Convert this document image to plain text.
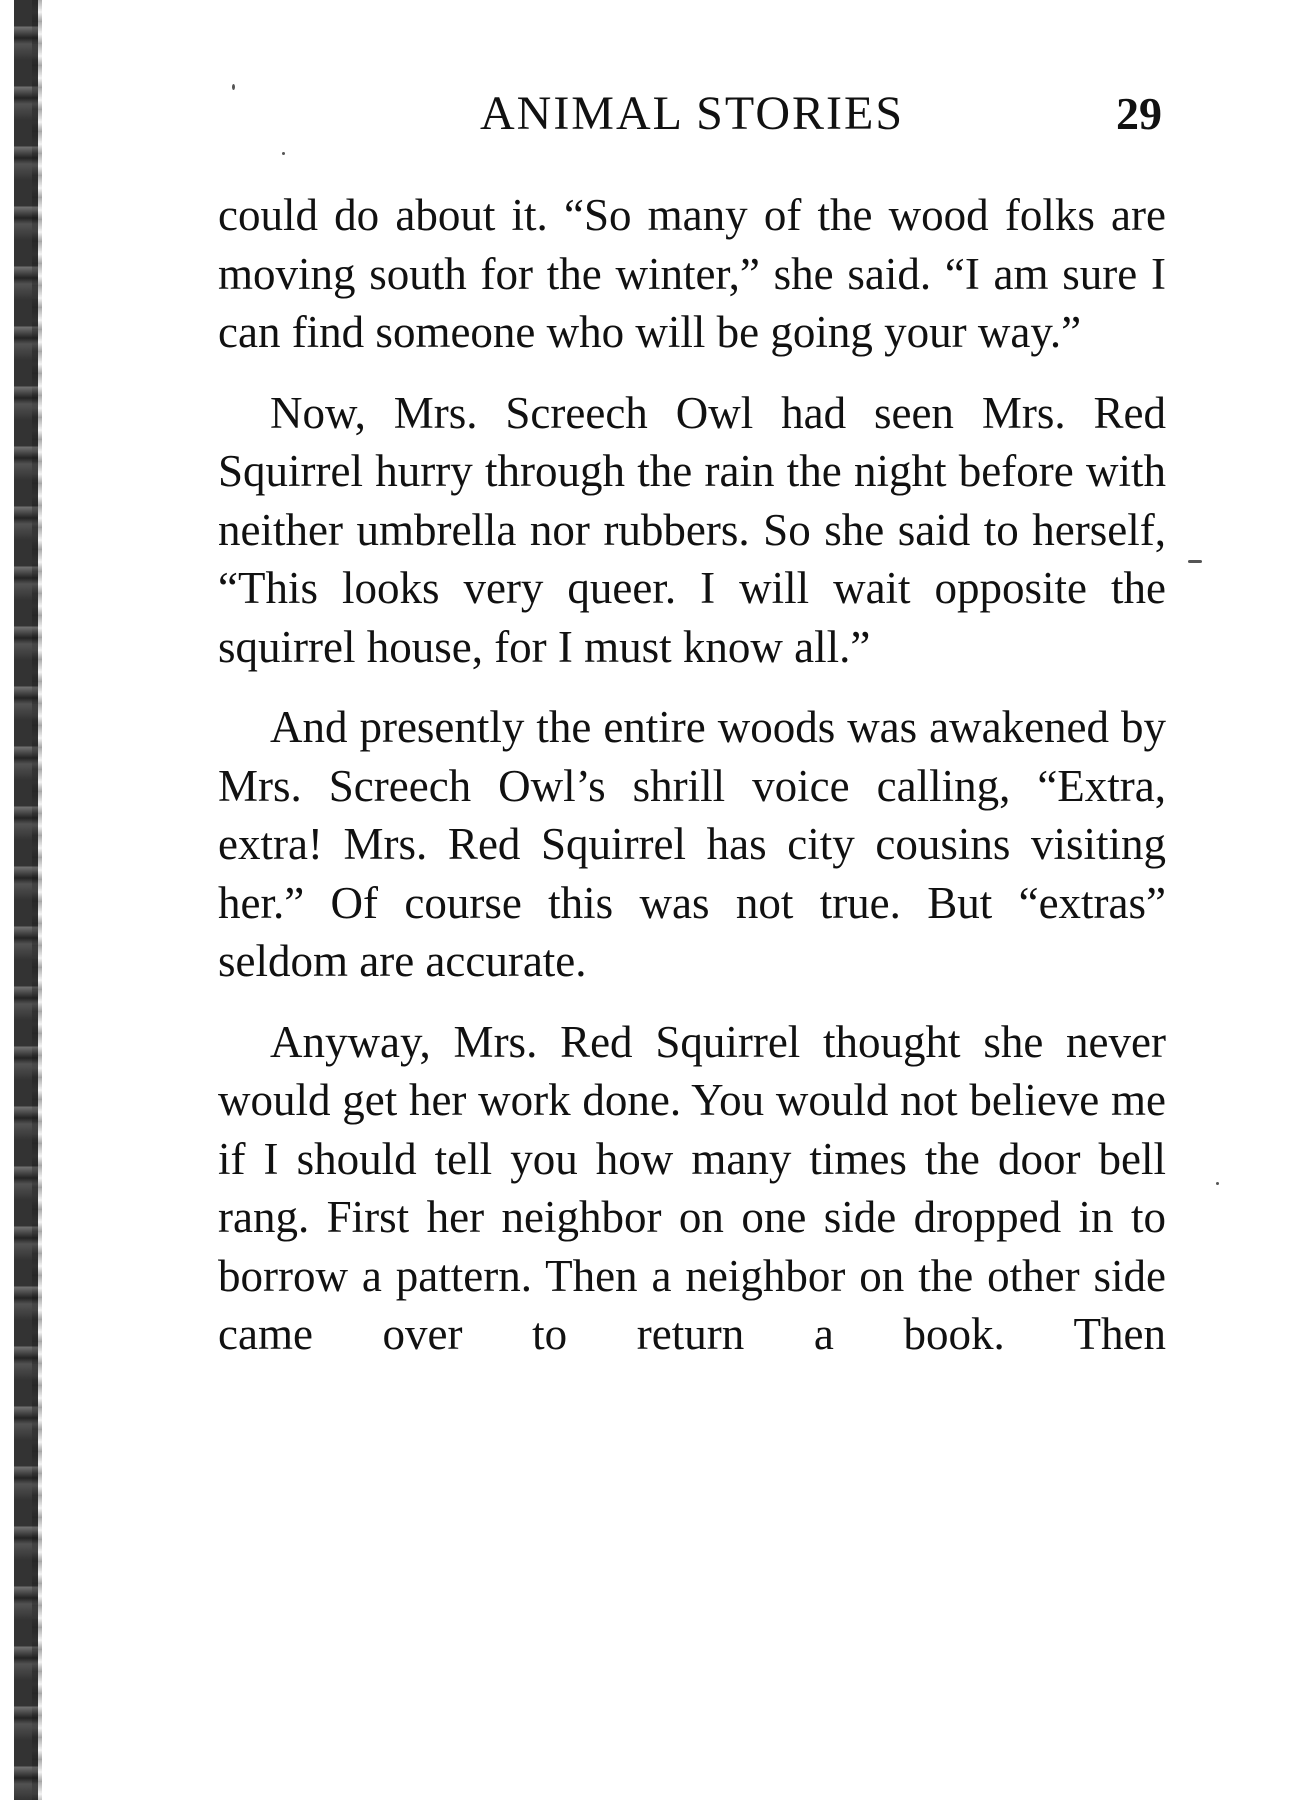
ANIMAL STORIES	29

could do about it. “So many of the wood folks are moving south for the winter,” she said. “I am sure I can find someone who will be going your way.”

Now, Mrs. Screech Owl had seen Mrs. Red Squirrel hurry through the rain the night before with neither umbrella nor rubbers. So she said to herself, “This looks very queer. I will wait opposite the squirrel house, for I must know all.”

And presently the entire woods was awakened by Mrs. Screech Owl’s shrill voice calling, “Extra, extra! Mrs. Red Squirrel has city cousins visiting her.” Of course this was not true. But “extras” seldom are accurate.

Anyway, Mrs. Red Squirrel thought she never would get her work done. You would not believe me if I should tell you how many times the door bell rang. First her neighbor on one side dropped in to borrow a pattern. Then a neighbor on the other side came over to return a book. Then
